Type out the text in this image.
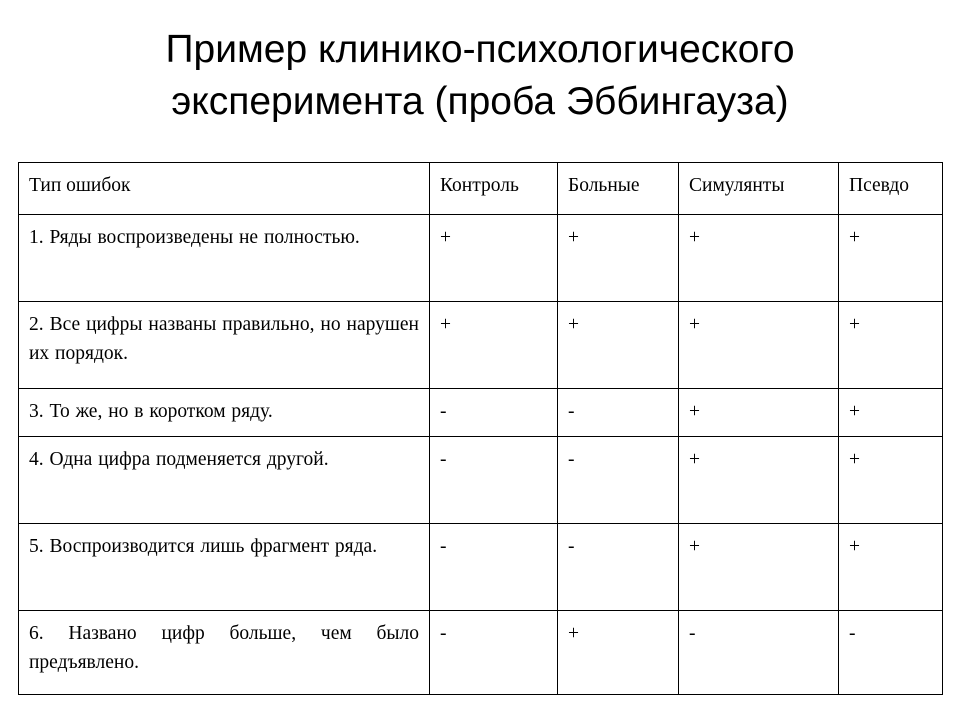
Пример клинико-психологического
эксперимента (проба Эббингауза)
Тип ошибок	Контроль	Больные	Симулянты	Псевдо
1. Ряды воспроизведены не полностью.	+	+	+	+
2. Все цифры названы правильно, но нарушен их порядок.	+	+	+	+
3. То же, но в коротком ряду.	-	-	+	+
4. Одна цифра подменяется другой.	-	-	+	+
5. Воспроизводится лишь фрагмент ряда.	-	-	+	+
6. Названо цифр больше, чем было предъявлено.	-	+	-	-
